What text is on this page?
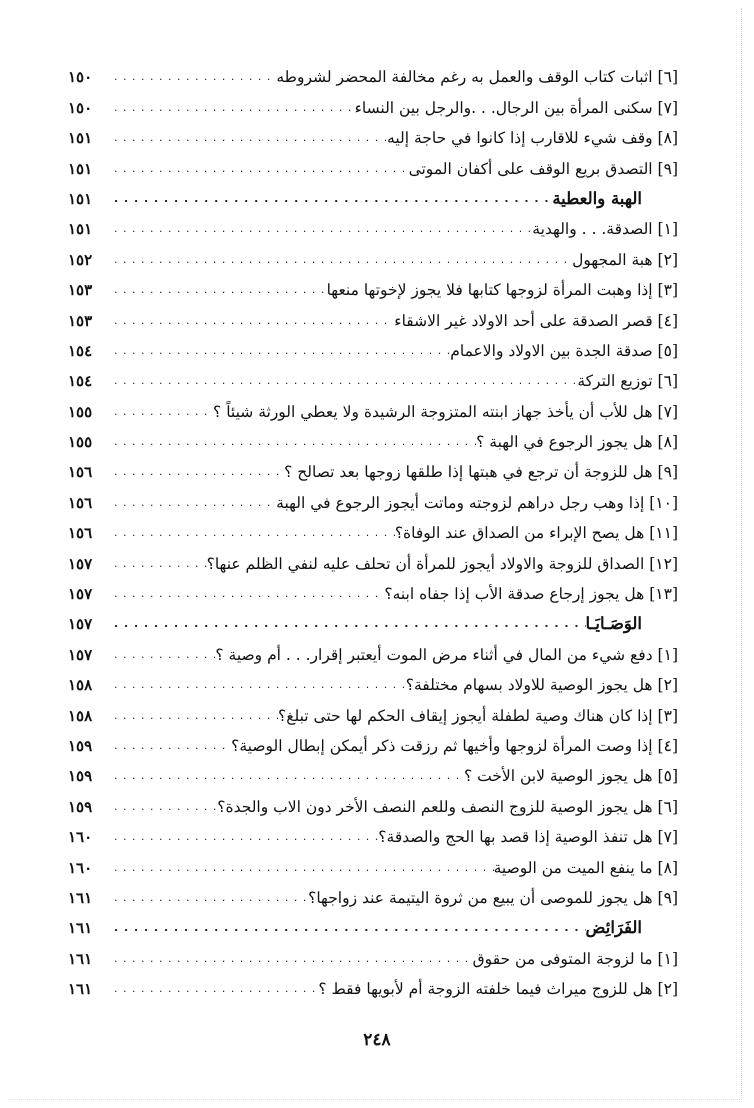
[٦]

اثبات كتاب الوقف والعمل به رغم مخالفة المحضر لشروطه
. . .
١٥٠
[٧]

سكنى المرأة بين الرجال. . .والرجل بين النساء
. . .
١٥٠
[٨]

وقف شيء للاقارب إذا كانوا في حاجة إليه
. . .
١٥١
[٩]

التصدق بريع الوقف على أكفان الموتى
. . .
١٥١
الهبة والعطية
. . .
١٥١
[١]

الصدقة. . . والهدية
. . .
١٥١
[٢]

هبة المجهول
. . .
١٥٢
[٣]

إذا وهبت المرأة لزوجها كتابها فلا يجوز لإخوتها منعها
. . .
١٥٣
[٤]

قصر الصدقة على أحد الاولاد غير الاشقاء
. . .
١٥٣
[٥]

صدقة الجدة بين الاولاد والاعمام
. . .
١٥٤
[٦]

توزيع التركة
. . .
١٥٤
[٧]

هل للأب أن يأخذ جهاز ابنته المتزوجة الرشيدة ولا يعطي الورثة شيئاً ؟
. . .
١٥٥
[٨]

هل يجوز الرجوع في الهبة ؟
. . .
١٥٥
[٩]

هل للزوجة أن ترجع في هبتها إذا طلقها زوجها بعد تصالح ؟
. . .
١٥٦
[١٠]

إذا وهب رجل دراهم لزوجته وماتت أيجوز الرجوع في الهبة
. . .
١٥٦
[١١]

هل يصح الإبراء من الصداق عند الوفاة؟
. . .
١٥٦
[١٢]

الصداق للزوجة والاولاد أيجوز للمرأة أن تحلف عليه لنفي الظلم عنها؟
. . .
١٥٧
[١٣]

هل يجوز إرجاع صدقة الأب إذا جفاه ابنه؟
. . .
١٥٧
الوَصَـايَـا
. . .
١٥٧
[١]

دفع شيء من المال في أثناء مرض الموت أيعتبر إقرار. . . أم وصية ؟
. . .
١٥٧
[٢]

هل يجوز الوصية للاولاد بسهام مختلفة؟
. . .
١٥٨
[٣]

إذا كان هناك وصية لطفلة أيجوز إيقاف الحكم لها حتى تبلغ؟
. . .
١٥٨
[٤]

إذا وصت المرأة لزوجها وأخيها ثم رزقت ذكر أيمكن إبطال الوصية؟
. . .
١٥٩
[٥]

هل يجوز الوصية لابن الأخت ؟
. . .
١٥٩
[٦]

هل يجوز الوصية للزوج النصف وللعم النصف الأخر دون الاب والجدة؟
. . .
١٥٩
[٧]

هل تنفذ الوصية إذا قصد بها الحج والصدقة؟
. . .
١٦٠
[٨]

ما ينفع الميت من الوصية
. . .
١٦٠
[٩]

هل يجوز للموصى أن يبيع من ثروة اليتيمة عند زواجها؟
. . .
١٦١
الفَرَائِض
. . .
١٦١
[١]

ما لزوجة المتوفى من حقوق
. . .
١٦١
[٢]

هل للزوج ميراث فيما خلفته الزوجة أم لأبويها فقط ؟
. . .
١٦١
٢٤٨
